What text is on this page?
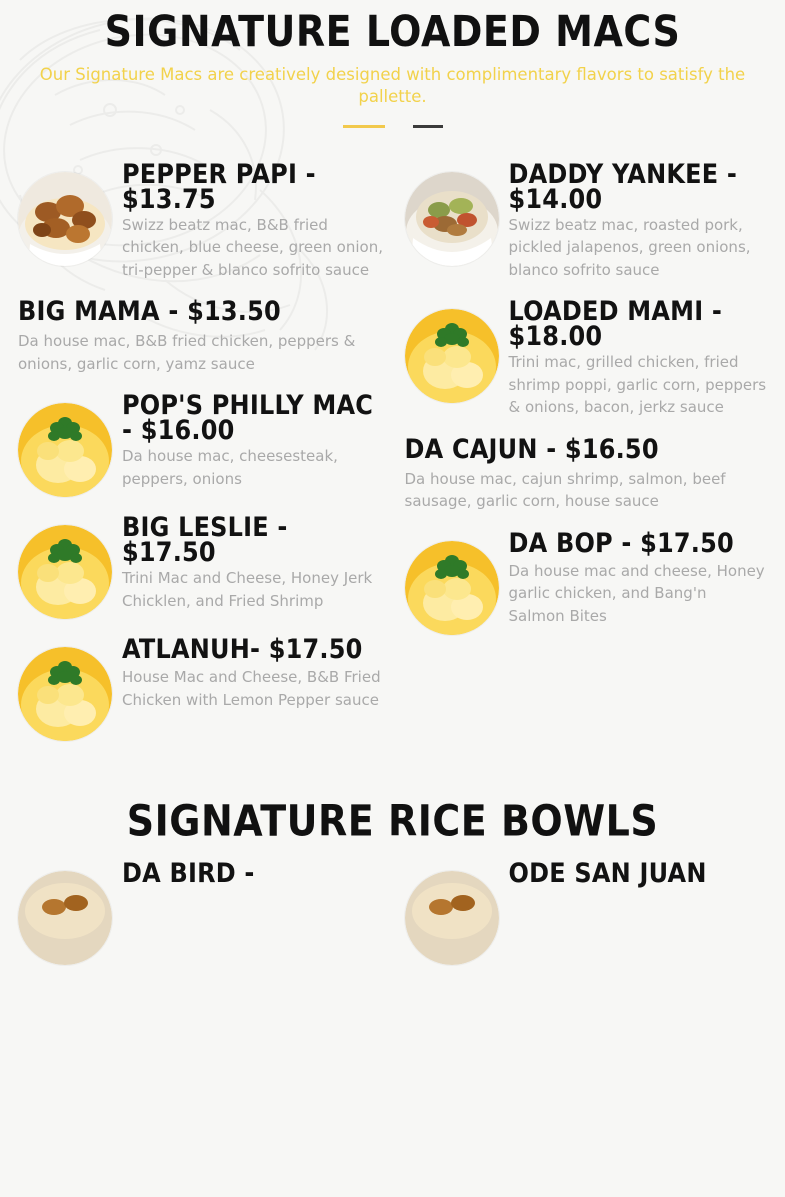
SIGNATURE LOADED MACS

Our Signature Macs are creatively designed with complimentary flavors to satisfy the pallette.

PEPPER PAPI - $13.75

Swizz beatz mac, B&B fried chicken, blue cheese, green onion, tri-pepper & blanco sofrito sauce

BIG MAMA - $13.50

Da house mac, B&B fried chicken, peppers & onions, garlic corn, yamz sauce

POP'S PHILLY MAC - $16.00

Da house mac, cheesesteak, peppers, onions

BIG LESLIE - $17.50

Trini Mac and Cheese, Honey Jerk Chicklen, and Fried Shrimp

ATLANUH- $17.50

House Mac and Cheese, B&B Fried Chicken with Lemon Pepper sauce

DADDY YANKEE - $14.00

Swizz beatz mac, roasted pork, pickled jalapenos, green onions, blanco sofrito sauce

LOADED MAMI - $18.00

Trini mac, grilled chicken, fried shrimp poppi, garlic corn, peppers & onions, bacon, jerkz sauce

DA CAJUN - $16.50

Da house mac, cajun shrimp, salmon, beef sausage, garlic corn, house sauce

DA BOP - $17.50

Da house mac and cheese, Honey garlic chicken, and Bang'n Salmon Bites

SIGNATURE RICE BOWLS
DA BIRD -	ODE SAN JUAN
